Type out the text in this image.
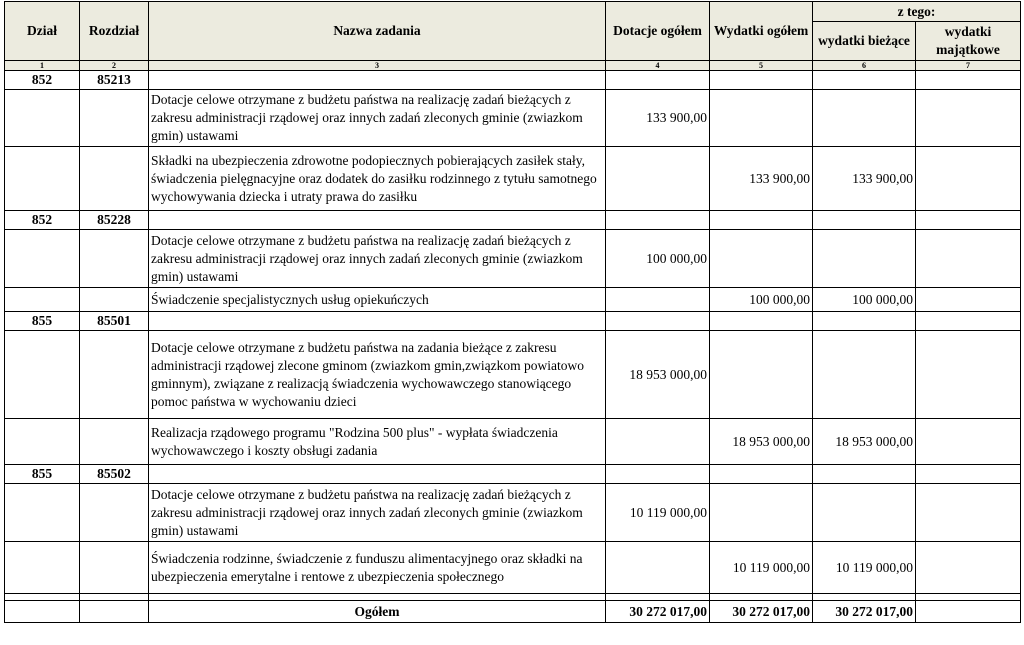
Dział	Rozdział	Nazwa zadania	Dotacje ogółem	Wydatki ogółem	z tego:	
					wydatki bieżące	wydatki majątkowe
1	2	3	4	5	6	7
852	85213					
		Dotacje celowe otrzymane z budżetu państwa na realizację zadań bieżących z zakresu administracji rządowej oraz innych zadań zleconych gminie (zwiazkom gmin) ustawami	133 900,00			
		Składki na ubezpieczenia zdrowotne podopiecznych pobierających zasiłek stały, świadczenia pielęgnacyjne oraz dodatek do zasiłku rodzinnego z tytułu samotnego wychowywania dziecka i utraty prawa do zasiłku		133 900,00	133 900,00	
852	85228					
		Dotacje celowe otrzymane z budżetu państwa na realizację zadań bieżących z zakresu administracji rządowej oraz innych zadań zleconych gminie (zwiazkom gmin) ustawami	100 000,00			
		Świadczenie specjalistycznych usług opiekuńczych		100 000,00	100 000,00	
855	85501					
		Dotacje celowe otrzymane z budżetu państwa na zadania bieżące z zakresu administracji rządowej zlecone gminom (zwiazkom gmin,związkom powiatowo gminnym), związane z realizacją świadczenia wychowawczego stanowiącego pomoc państwa w wychowaniu dzieci	18 953 000,00			
		Realizacja rządowego programu "Rodzina 500 plus" - wypłata świadczenia wychowawczego i koszty obsługi zadania		18 953 000,00	18 953 000,00	
855	85502					
		Dotacje celowe otrzymane z budżetu państwa na realizację zadań bieżących z zakresu administracji rządowej oraz innych zadań zleconych gminie (zwiazkom gmin) ustawami	10 119 000,00			
		Świadczenia rodzinne, świadczenie z funduszu alimentacyjnego oraz składki na ubezpieczenia emerytalne i rentowe z ubezpieczenia społecznego		10 119 000,00	10 119 000,00	

		Ogółem	30 272 017,00	30 272 017,00	30 272 017,00	
